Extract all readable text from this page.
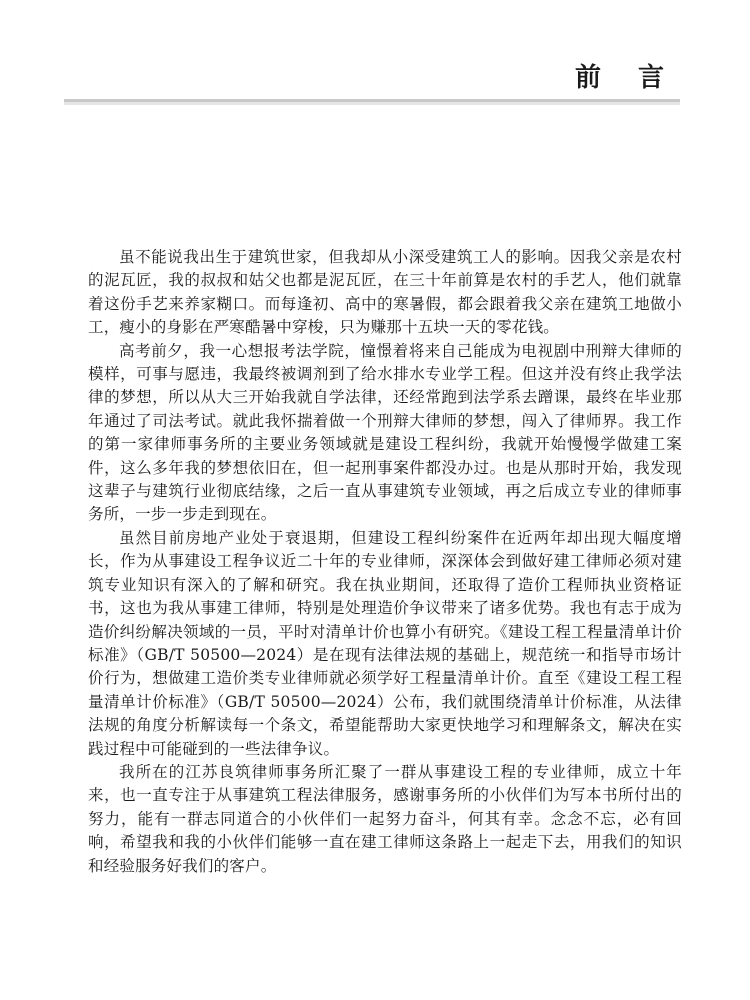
前 言

虽不能说我出生于建筑世家，但我却从小深受建筑工人的影响。因我父亲是农村的泥瓦匠，我的叔叔和姑父也都是泥瓦匠，在三十年前算是农村的手艺人，他们就靠着这份手艺来养家糊口。而每逢初、高中的寒暑假，都会跟着我父亲在建筑工地做小工，瘦小的身影在严寒酷暑中穿梭，只为赚那十五块一天的零花钱。

高考前夕，我一心想报考法学院，憧憬着将来自己能成为电视剧中刑辩大律师的模样，可事与愿违，我最终被调剂到了给水排水专业学工程。但这并没有终止我学法律的梦想，所以从大三开始我就自学法律，还经常跑到法学系去蹭课，最终在毕业那年通过了司法考试。就此我怀揣着做一个刑辩大律师的梦想，闯入了律师界。我工作的第一家律师事务所的主要业务领域就是建设工程纠纷，我就开始慢慢学做建工案件，这么多年我的梦想依旧在，但一起刑事案件都没办过。也是从那时开始，我发现这辈子与建筑行业彻底结缘，之后一直从事建筑专业领域，再之后成立专业的律师事务所，一步一步走到现在。

虽然目前房地产业处于衰退期，但建设工程纠纷案件在近两年却出现大幅度增长，作为从事建设工程争议近二十年的专业律师，深深体会到做好建工律师必须对建筑专业知识有深入的了解和研究。我在执业期间，还取得了造价工程师执业资格证书，这也为我从事建工律师，特别是处理造价争议带来了诸多优势。我也有志于成为造价纠纷解决领域的一员，平时对清单计价也算小有研究。《建设工程工程量清单计价标准》（GB/T 50500—2024）是在现有法律法规的基础上，规范统一和指导市场计价行为，想做建工造价类专业律师就必须学好工程量清单计价。直至《建设工程工程量清单计价标准》（GB/T 50500—2024）公布，我们就围绕清单计价标准，从法律法规的角度分析解读每一个条文，希望能帮助大家更快地学习和理解条文，解决在实践过程中可能碰到的一些法律争议。

我所在的江苏良筑律师事务所汇聚了一群从事建设工程的专业律师，成立十年来，也一直专注于从事建筑工程法律服务，感谢事务所的小伙伴们为写本书所付出的努力，能有一群志同道合的小伙伴们一起努力奋斗，何其有幸。念念不忘，必有回响，希望我和我的小伙伴们能够一直在建工律师这条路上一起走下去，用我们的知识和经验服务好我们的客户。
